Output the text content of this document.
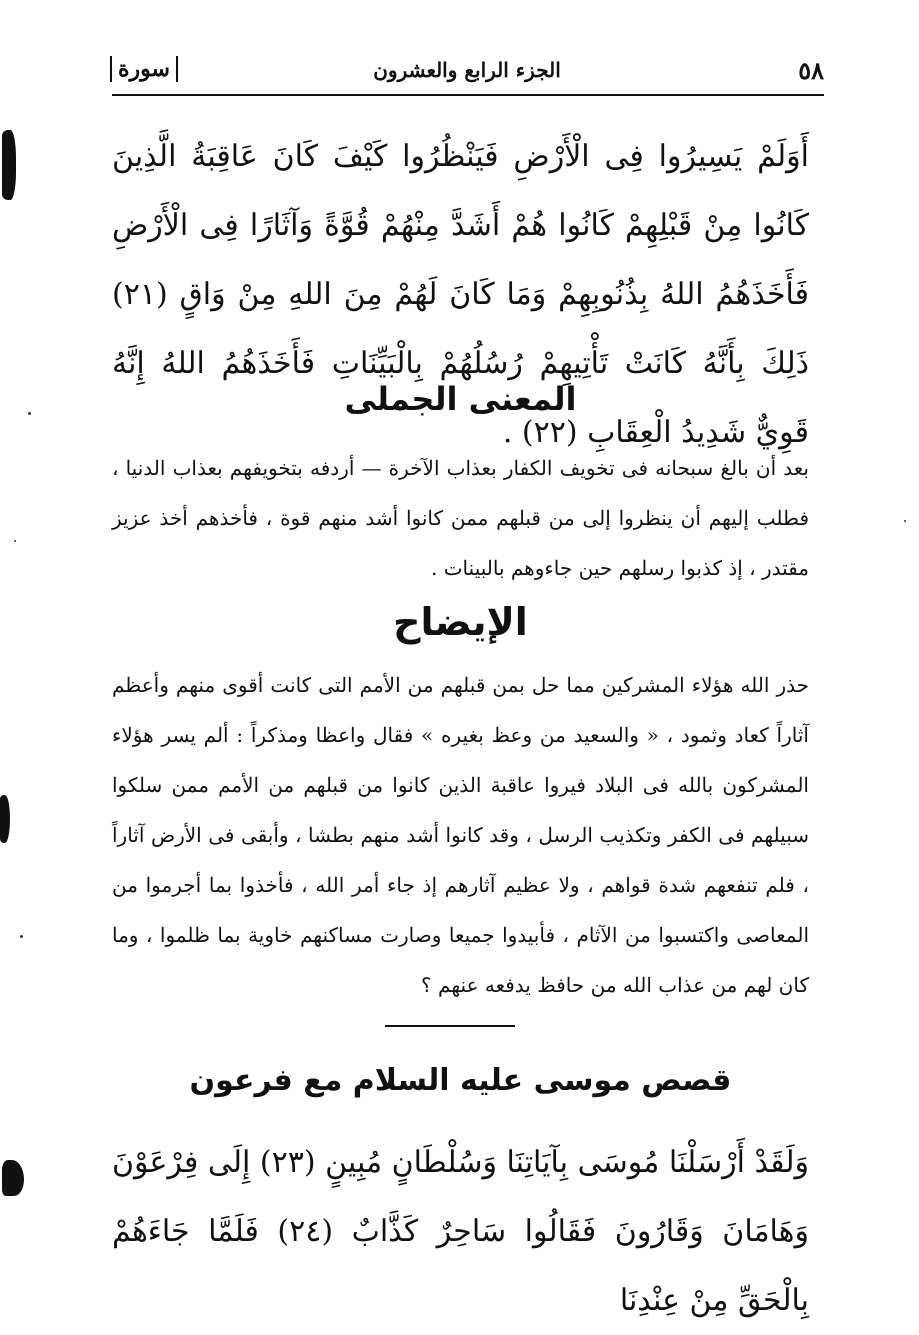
٥٨
الجزء الرابع والعشرون
سورة

أَوَلَمْ يَسِيرُوا فِى الْأَرْضِ فَيَنْظُرُوا كَيْفَ كَانَ عَاقِبَةُ الَّذِينَ كَانُوا مِنْ قَبْلِهِمْ كَانُوا هُمْ أَشَدَّ مِنْهُمْ قُوَّةً وَآثَارًا فِى الْأَرْضِ فَأَخَذَهُمُ اللهُ بِذُنُوبِهِمْ وَمَا كَانَ لَهُمْ مِنَ اللهِ مِنْ وَاقٍ (٢١) ذَلِكَ بِأَنَّهُ كَانَتْ تَأْتِيهِمْ رُسُلُهُمْ بِالْبَيِّنَاتِ فَأَخَذَهُمُ اللهُ إِنَّهُ قَوِيٌّ شَدِيدُ الْعِقَابِ (٢٢) .

المعنى الجملى

بعد أن بالغ سبحانه فى تخويف الكفار بعذاب الآخرة — أردفه بتخويفهم بعذاب الدنيا ، فطلب إليهم أن ينظروا إلى من قبلهم ممن كانوا أشد منهم قوة ، فأخذهم أخذ عزيز مقتدر ، إذ كذبوا رسلهم حين جاءوهم بالبينات .

الإيضاح

حذر الله هؤلاء المشركين مما حل بمن قبلهم من الأمم التى كانت أقوى منهم وأعظم آثاراً كعاد وثمود ، « والسعيد من وعظ بغيره » فقال واعظا ومذكراً : ألم يسر هؤلاء المشركون بالله فى البلاد فيروا عاقبة الذين كانوا من قبلهم من الأمم ممن سلكوا سبيلهم فى الكفر وتكذيب الرسل ، وقد كانوا أشد منهم بطشا ، وأبقى فى الأرض آثاراً ، فلم تنفعهم شدة قواهم ، ولا عظيم آثارهم إذ جاء أمر الله ، فأخذوا بما أجرموا من المعاصى واكتسبوا من الآثام ، فأبيدوا جميعا وصارت مساكنهم خاوية بما ظلموا ، وما كان لهم من عذاب الله من حافظ يدفعه عنهم ؟

قصص موسى عليه السلام مع فرعون

وَلَقَدْ أَرْسَلْنَا مُوسَى بِآيَاتِنَا وَسُلْطَانٍ مُبِينٍ (٢٣) إِلَى فِرْعَوْنَ وَهَامَانَ وَقَارُونَ فَقَالُوا سَاحِرٌ كَذَّابٌ (٢٤) فَلَمَّا جَاءَهُمْ بِالْحَقِّ مِنْ عِنْدِنَا
